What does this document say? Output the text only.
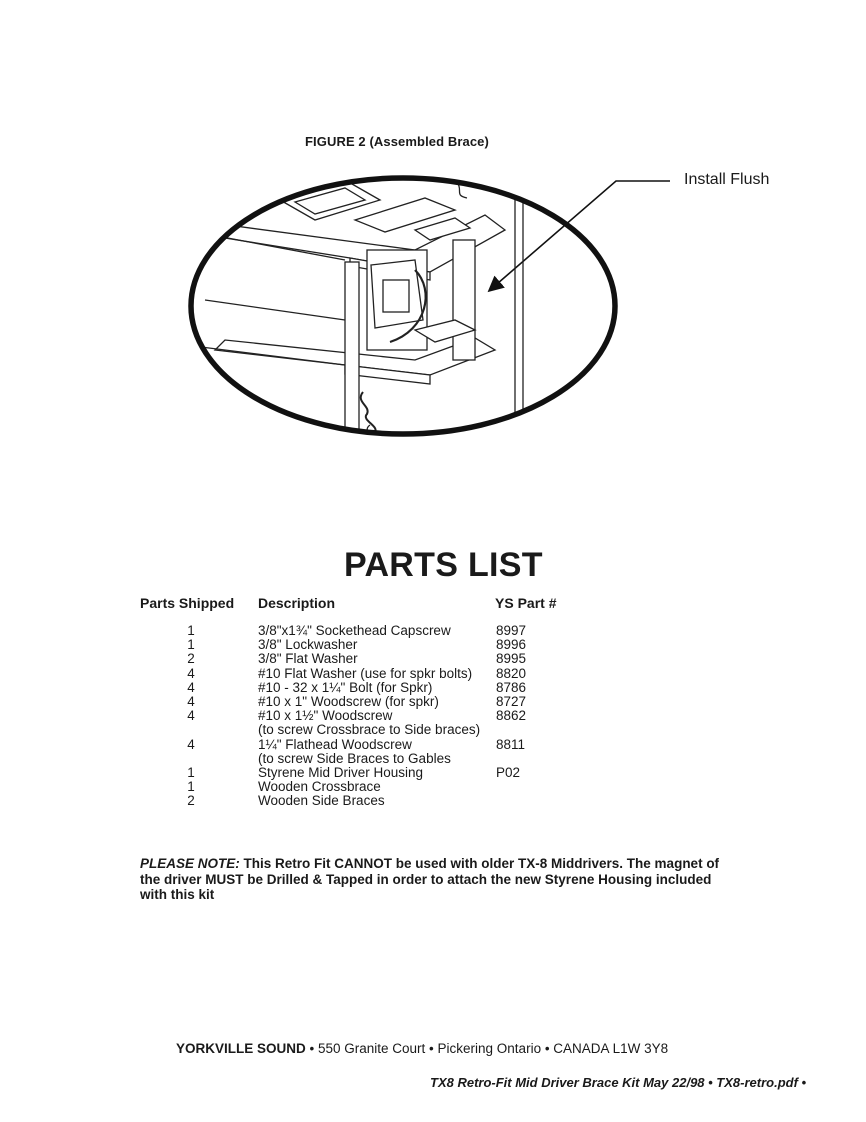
FIGURE 2 (Assembled Brace)
Install Flush
PARTS LIST
Parts Shipped Description	YS Part #
1	3/8"x1¾" Sockethead Capscrew	8997
1	3/8" Lockwasher	8996
2	3/8" Flat Washer	8995
4	#10 Flat Washer (use for spkr bolts) 8820
4	#10 - 32 x 1¼" Bolt (for Spkr)	8786
4	#10 x 1" Woodscrew (for spkr)	8727
4	#10 x 1½" Woodscrew	8862
(to screw Crossbrace to Side braces)
4	1¼" Flathead Woodscrew	8811
(to screw Side Braces to Gables
1	Styrene Mid Driver Housing	P02
1	Wooden Crossbrace
2	Wooden Side Braces
PLEASE NOTE: This Retro Fit CANNOT be used with older TX-8 Middrivers. The magnet of the driver MUST be Drilled & Tapped in order to attach the new Styrene Housing included with this kit
YORKVILLE SOUND • 550 Granite Court • Pickering Ontario • CANADA L1W 3Y8
TX8 Retro-Fit Mid Driver Brace Kit May 22/98 • TX8-retro.pdf •
